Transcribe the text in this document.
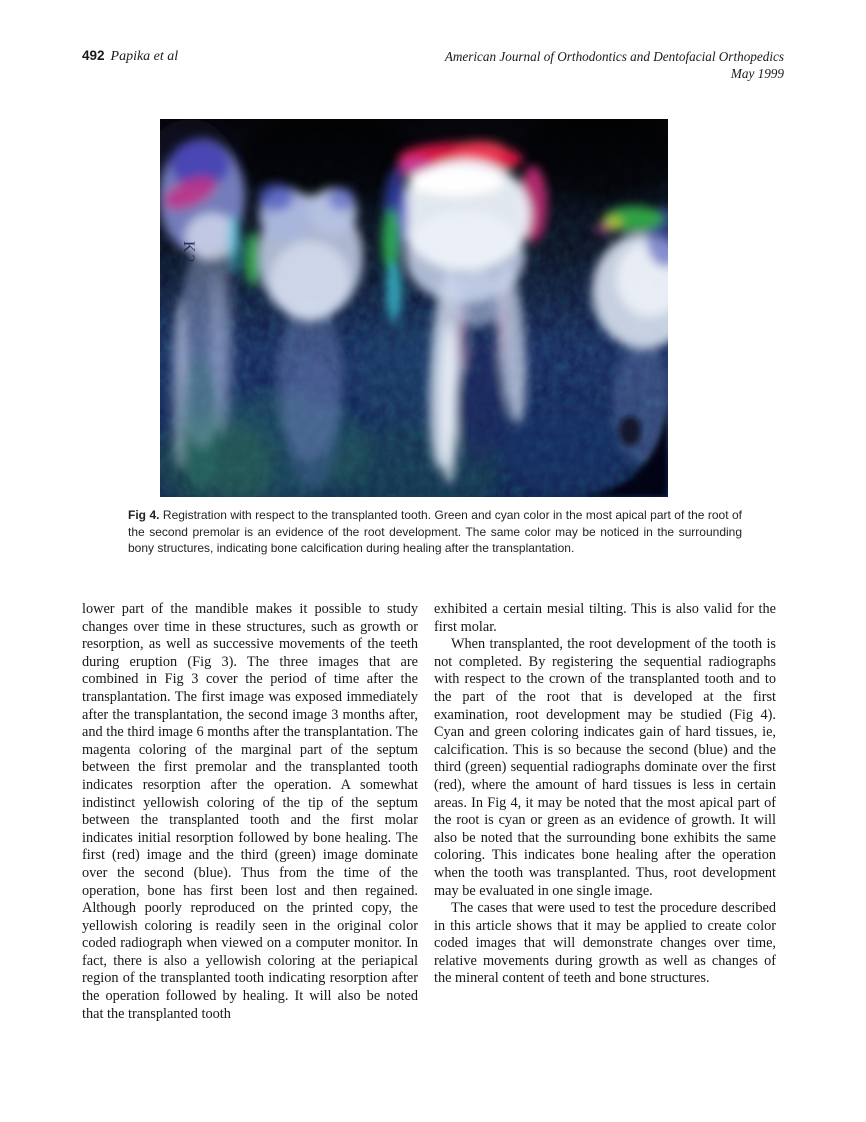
492 Papika et al	American Journal of Orthodontics and Dentofacial Orthopedics
May 1999
K2
Fig 4. Registration with respect to the transplanted tooth. Green and cyan color in the most apical part of the root of the second premolar is an evidence of the root development. The same color may be noticed in the surrounding bony structures, indicating bone calcification during healing after the transplantation.

lower part of the mandible makes it possible to study changes over time in these structures, such as growth or resorption, as well as successive movements of the teeth during eruption (Fig 3). The three images that are combined in Fig 3 cover the period of time after the transplantation. The first image was exposed immediately after the transplantation, the second image 3 months after, and the third image 6 months after the transplantation. The magenta coloring of the marginal part of the septum between the first premolar and the transplanted tooth indicates resorption after the operation. A somewhat indistinct yellowish coloring of the tip of the septum between the transplanted tooth and the first molar indicates initial resorption followed by bone healing. The first (red) image and the third (green) image dominate over the second (blue). Thus from the time of the operation, bone has first been lost and then regained. Although poorly reproduced on the printed copy, the yellowish coloring is readily seen in the original color coded radiograph when viewed on a computer monitor. In fact, there is also a yellowish coloring at the periapical region of the transplanted tooth indicating resorption after the operation followed by healing. It will also be noted that the transplanted tooth

exhibited a certain mesial tilting. This is also valid for the first molar.

When transplanted, the root development of the tooth is not completed. By registering the sequential radiographs with respect to the crown of the transplanted tooth and to the part of the root that is developed at the first examination, root development may be studied (Fig 4). Cyan and green coloring indicates gain of hard tissues, ie, calcification. This is so because the second (blue) and the third (green) sequential radiographs dominate over the first (red), where the amount of hard tissues is less in certain areas. In Fig 4, it may be noted that the most apical part of the root is cyan or green as an evidence of growth. It will also be noted that the surrounding bone exhibits the same coloring. This indicates bone healing after the operation when the tooth was transplanted. Thus, root development may be evaluated in one single image.

The cases that were used to test the procedure described in this article shows that it may be applied to create color coded images that will demonstrate changes over time, relative movements during growth as well as changes of the mineral content of teeth and bone structures.
